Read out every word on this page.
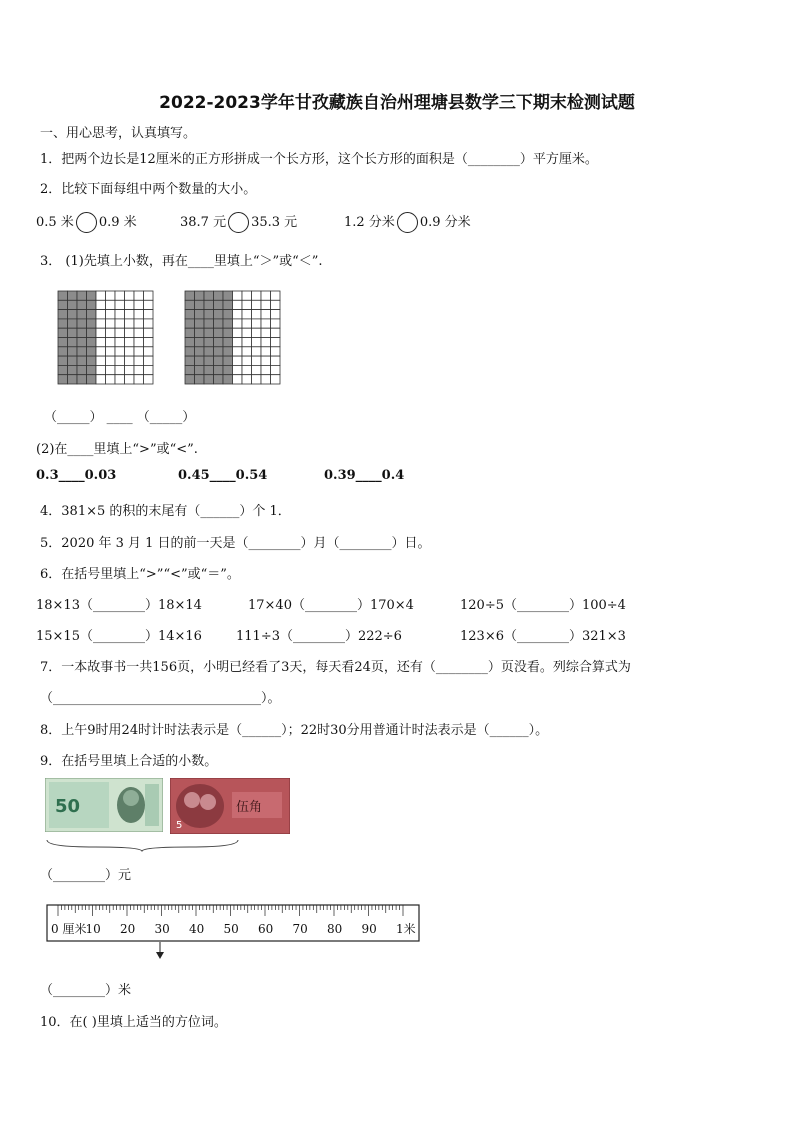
2022-2023学年甘孜藏族自治州理塘县数学三下期末检测试题
一、用心思考，认真填写。
1．把两个边长是12厘米的正方形拼成一个长方形，这个长方形的面积是（________）平方厘米。
2．比较下面每组中两个数量的大小。
0.5 米 0.9 米	38.7 元 35.3 元	1.2 分米 0.9 分米
3． (1)先填上小数，再在____里填上“＞”或“＜”.
（_____） ____ （_____）
(2)在____里填上“>”或“<”.
0.3____0.03	0.45____0.54	0.39____0.4
4．381×5 的积的末尾有（______）个 1．
5．2020 年 3 月 1 日的前一天是（________）月（________）日。
6．在括号里填上“>”“<”或“＝”。
18×13（________）18×14	17×40（________）170×4	120÷5（________）100÷4
15×15（________）14×16	111÷3（________）222÷6	123×6（________）321×3
7．一本故事书一共156页，小明已经看了3天，每天看24页，还有（________）页没看。列综合算式为
（________________________________）。
8．上午9时用24时计时法表示是（______）；22时30分用普通计时法表示是（______）。
9．在括号里填上合适的小数。
50	伍角
5
（________）元
0 厘米 10 20 30 40 50 60 70 80 90 1米
（________）米
10．在( )里填上适当的方位词。
